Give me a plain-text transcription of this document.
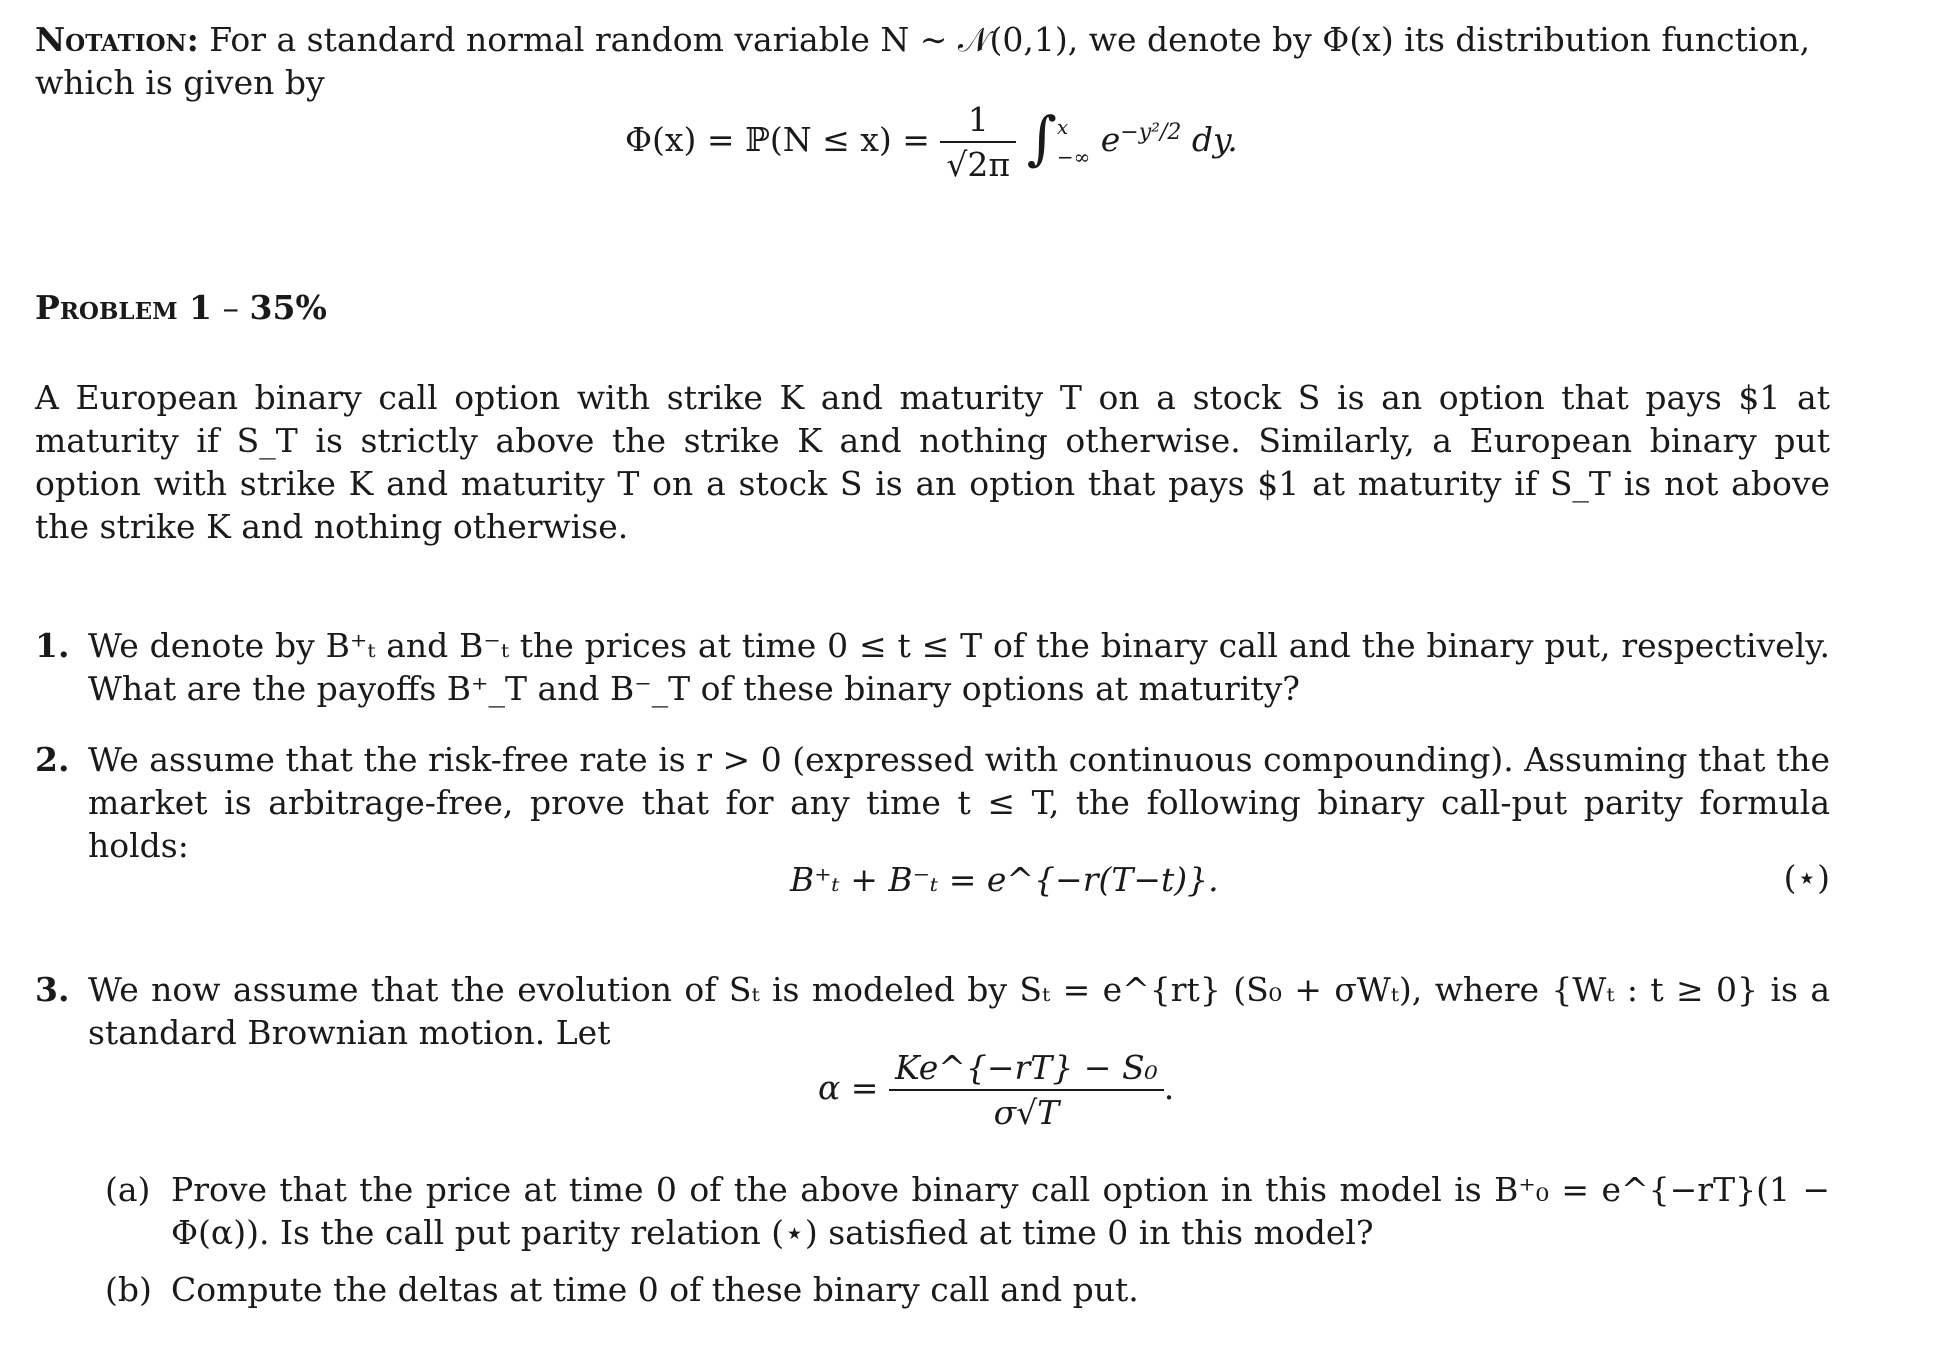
Notation: For a standard normal random variable N ∼ 𝒩(0,1), we denote by Φ(x) its distribution function,
which is given by
Φ(x) = ℙ(N ≤ $x) = \frac{1}{√2\pi} \int x$
−∞ $e^{-y^2/2}$ dy.
Problem 1 – 35%
A European binary call option with strike K and maturity T on a stock S is an option that pays $1 at maturity if S_T is strictly above the strike K and nothing otherwise. Similarly, a European binary put option with strike K and maturity T on a stock S is an option that pays $1 at maturity if S_T is not above the strike K and nothing otherwise.
1. We denote by B⁺ₜ and B⁻ₜ the prices at time 0 ≤ t ≤ T of the binary call and the binary put, respectively. What are the payoffs B⁺_T and B⁻_T of these binary options at maturity?
2. We assume that the risk-free rate is r > 0 (expressed with continuous compounding). Assuming that the market is arbitrage-free, prove that for any time t ≤ T, the following binary call-put parity formula holds:
B⁺ₜ + B⁻ₜ = e^{−r(T−t)}.	(⋆)
3. We now assume that the evolution of Sₜ is modeled by Sₜ = e^{rt} (S₀ + σWₜ), where {Wₜ : t ≥ 0} is a standard Brownian motion. Let
$\alpha = \frac{\text{Ke\textasciicircum{}\{−rT\} − S₀}}{\sigma√T}$ .
(a) Prove that the price at time 0 of the above binary call option in this model is B⁺₀ = e^{−rT}(1 − Φ(α)). Is the call put parity relation (⋆) satisfied at time 0 in this model?
(b) Compute the deltas at time 0 of these binary call and put.
